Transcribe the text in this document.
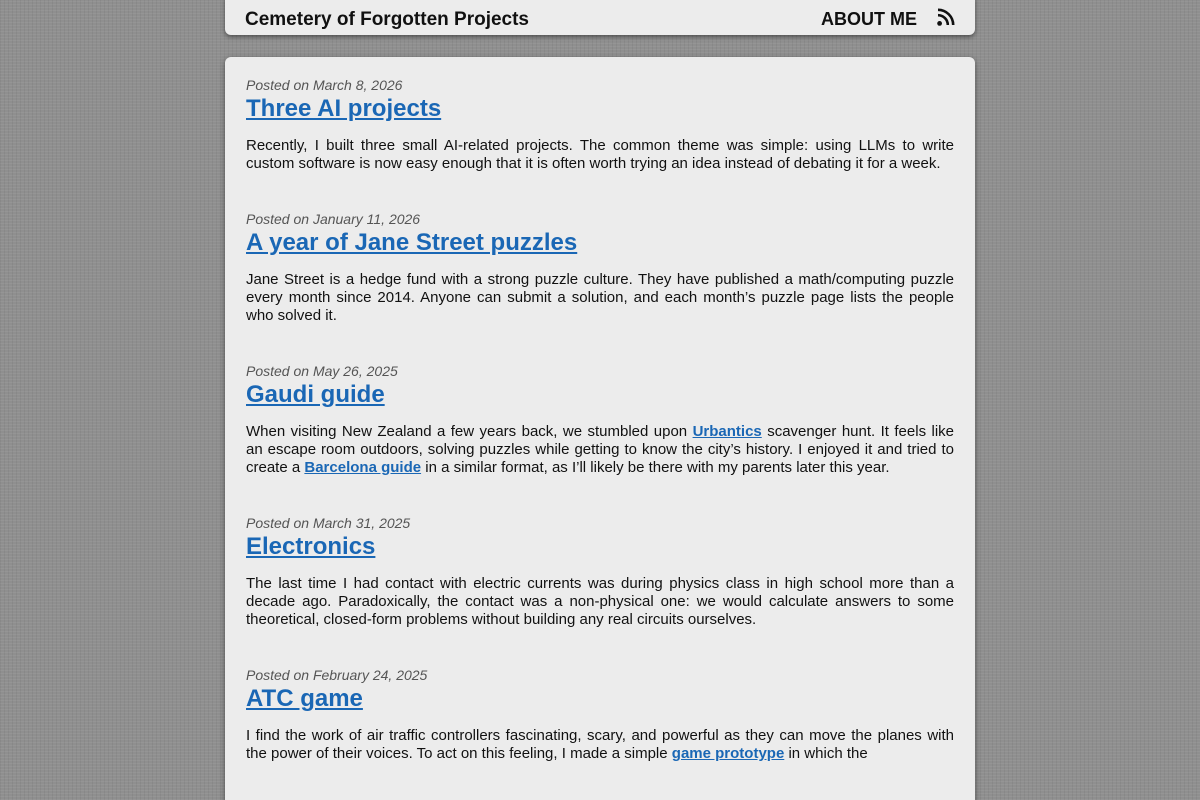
Cemetery of Forgotten Projects	ABOUT ME

Posted on March 8, 2026

Three AI projects

Recently, I built three small AI-related projects. The common theme was simple: using LLMs to write custom software is now easy enough that it is often worth trying an idea instead of debating it for a week.

Posted on January 11, 2026

A year of Jane Street puzzles

Jane Street is a hedge fund with a strong puzzle culture. They have published a math/computing puzzle every month since 2014. Anyone can submit a solution, and each month’s puzzle page lists the people who solved it.

Posted on May 26, 2025

Gaudi guide

When visiting New Zealand a few years back, we stumbled upon Urbantics scavenger hunt. It feels like an escape room outdoors, solving puzzles while getting to know the city’s history. I enjoyed it and tried to create a Barcelona guide in a similar format, as I’ll likely be there with my parents later this year.

Posted on March 31, 2025

Electronics

The last time I had contact with electric currents was during physics class in high school more than a decade ago. Paradoxically, the contact was a non-physical one: we would calculate answers to some theoretical, closed-form problems without building any real circuits ourselves.

Posted on February 24, 2025

ATC game

I find the work of air traffic controllers fascinating, scary, and powerful as they can move the planes with the power of their voices. To act on this feeling, I made a simple game prototype in which the
